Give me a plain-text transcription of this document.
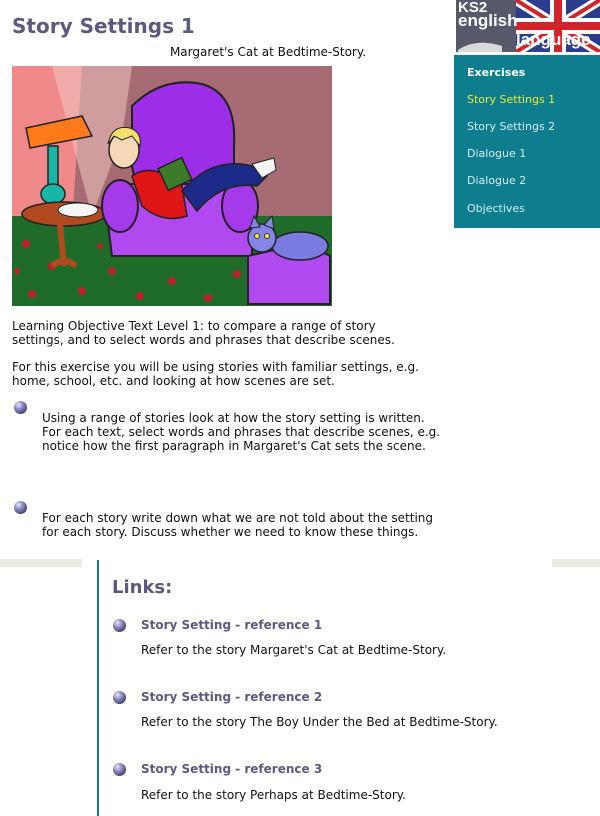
Story Settings 1
Margaret's Cat at Bedtime-Story.
KS2
english
language
Exercises
Story Settings 1
Story Settings 2
Dialogue 1
Dialogue 2
Objectives

Learning Objective Text Level 1: to compare a range of story settings, and to select words and phrases that describe scenes.

For this exercise you will be using stories with familiar settings, e.g. home, school, etc. and looking at how scenes are set.

Using a range of stories look at how the story setting is written. For each text, select words and phrases that describe scenes, e.g. notice how the first paragraph in Margaret's Cat sets the scene.

For each story write down what we are not told about the setting for each story. Discuss whether we need to know these things.

Links:
Story Setting - reference 1
Refer to the story Margaret's Cat at Bedtime-Story.
Story Setting - reference 2
Refer to the story The Boy Under the Bed at Bedtime-Story.
Story Setting - reference 3
Refer to the story Perhaps at Bedtime-Story.
